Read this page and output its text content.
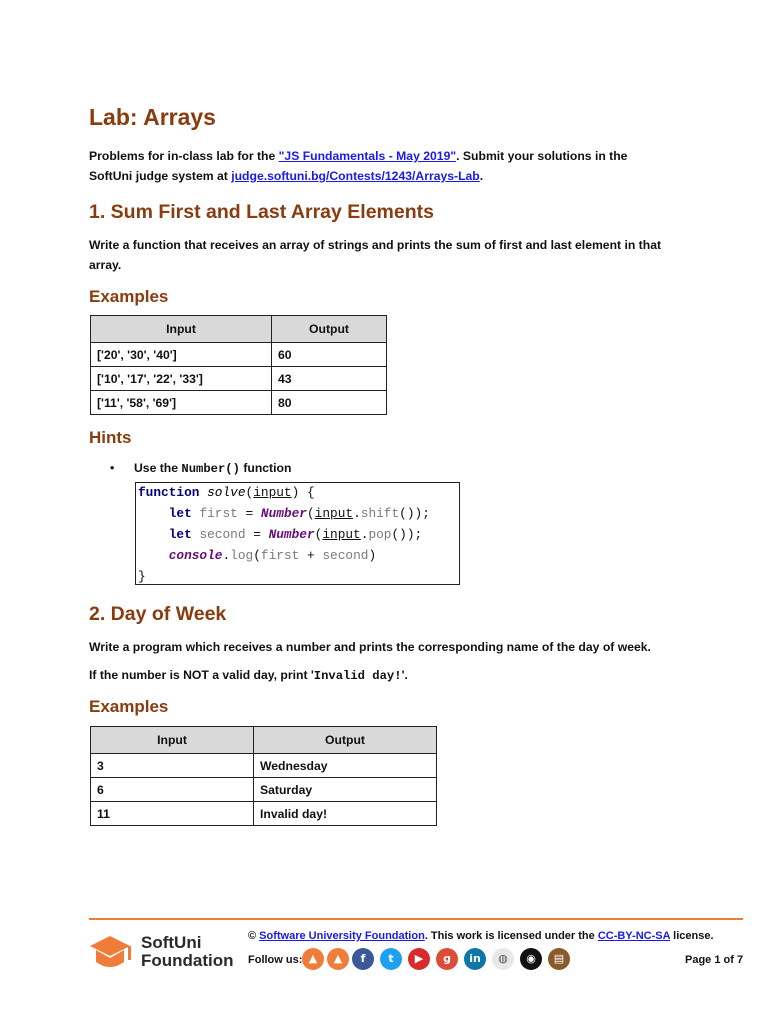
Lab: Arrays

Problems for in-class lab for the "JS Fundamentals - May 2019". Submit your solutions in the SoftUni judge system at judge.softuni.bg/Contests/1243/Arrays-Lab.

1. Sum First and Last Array Elements

Write a function that receives an array of strings and prints the sum of first and last element in that array.

Examples
Input	Output
['20', '30', '40']	60
['10', '17', '22', '33']	43
['11', '58', '69']	80
Hints
• Use the Number() function
function solve(input) {
let first = Number(input.shift());
let second = Number(input.pop());
console.log(first + second)
}
2. Day of Week

Write a program which receives a number and prints the corresponding name of the day of week.

If the number is NOT a valid day, print 'Invalid day!'.

Examples
Input	Output
3	Wednesday
6	Saturday
11	Invalid day!
SoftUni
Foundation
© Software University Foundation. This work is licensed under the CC-BY-NC-SA license.
Follow us: ▲	▲	f	t	▶	g	in	◍	◉	▤	Page 1 of 7
